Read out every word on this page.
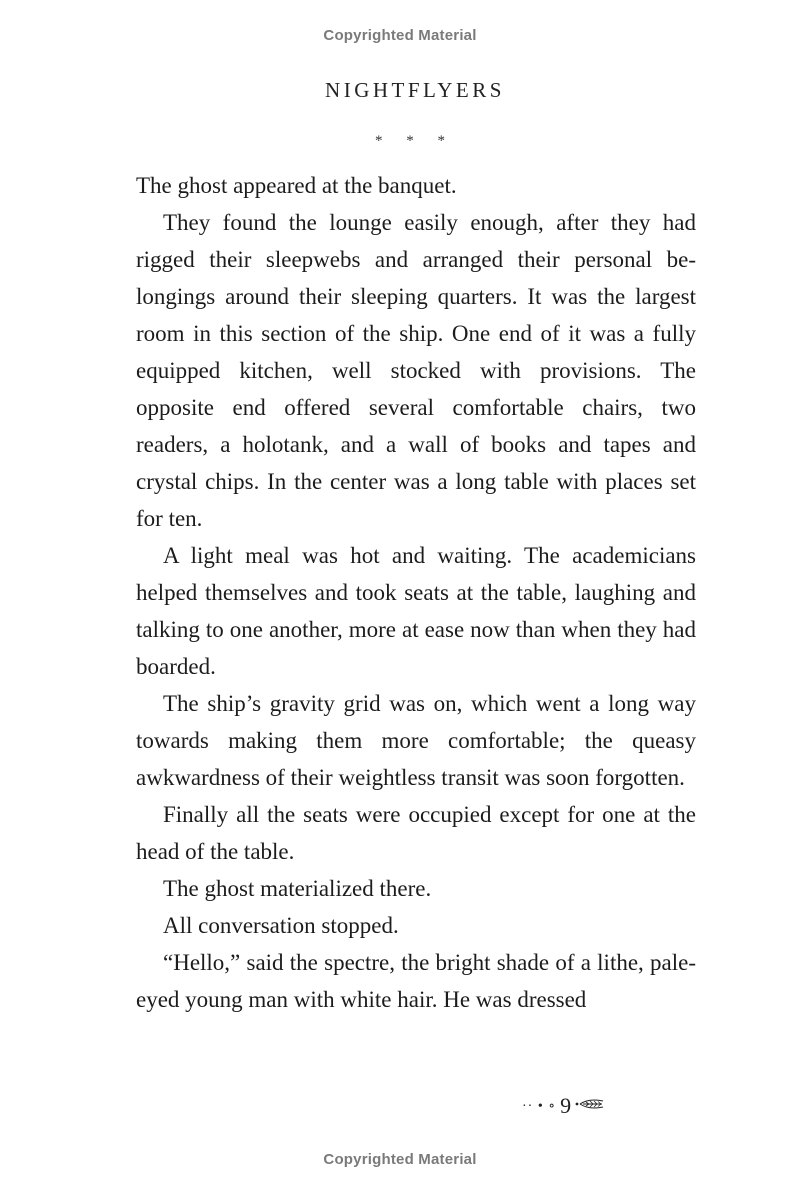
Copyrighted Material
NIGHTFLYERS
* * *

The ghost appeared at the banquet.

They found the lounge easily enough, after they had rigged their sleepwebs and arranged their personal belongings around their sleeping quarters. It was the largest room in this section of the ship. One end of it was a fully equipped kitchen, well stocked with provisions. The opposite end offered several comfortable chairs, two readers, a holotank, and a wall of books and tapes and crystal chips. In the center was a long table with places set for ten.

A light meal was hot and waiting. The academicians helped themselves and took seats at the table, laughing and talking to one another, more at ease now than when they had boarded.

The ship’s gravity grid was on, which went a long way towards making them more comfortable; the queasy awkwardness of their weightless transit was soon forgotten.

Finally all the seats were occupied except for one at the head of the table.

The ghost materialized there.

All conversation stopped.

“Hello,” said the spectre, the bright shade of a lithe, pale-eyed young man with white hair. He was dressed

·· • ∘ 9
Copyrighted Material
